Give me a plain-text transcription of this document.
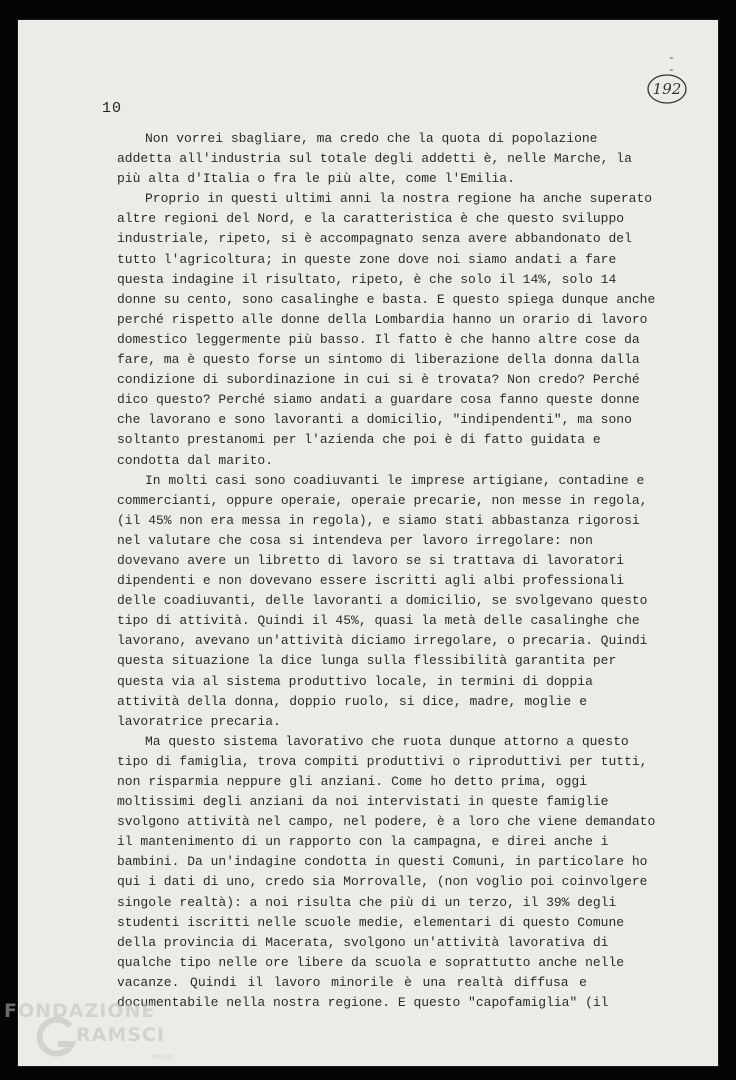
- -
192
10
Non vorrei sbagliare, ma credo che la quota di popolazione
addetta all'industria sul totale degli addetti è, nelle Marche, la
più alta d'Italia o fra le più alte, come l'Emilia.
Proprio in questi ultimi anni la nostra regione ha anche superato
altre regioni del Nord, e la caratteristica è che questo sviluppo
industriale, ripeto, si è accompagnato senza avere abbandonato del
tutto l'agricoltura; in queste zone dove noi siamo andati a fare
questa indagine il risultato, ripeto, è che solo il 14%, solo 14
donne su cento, sono casalinghe e basta. E questo spiega dunque anche
perché rispetto alle donne della Lombardia hanno un orario di lavoro
domestico leggermente più basso. Il fatto è che hanno altre cose da
fare, ma è questo forse un sintomo di liberazione della donna dalla
condizione di subordinazione in cui si è trovata? Non credo? Perché
dico questo? Perché siamo andati a guardare cosa fanno queste donne
che lavorano e sono lavoranti a domicilio, "indipendenti", ma sono
soltanto prestanomi per l'azienda che poi è di fatto guidata e
condotta dal marito.
In molti casi sono coadiuvanti le imprese artigiane, contadine e
commercianti, oppure operaie, operaie precarie, non messe in regola,
(il 45% non era messa in regola), e siamo stati abbastanza rigorosi
nel valutare che cosa si intendeva per lavoro irregolare: non
dovevano avere un libretto di lavoro se si trattava di lavoratori
dipendenti e non dovevano essere iscritti agli albi professionali
delle coadiuvanti, delle lavoranti a domicilio, se svolgevano questo
tipo di attività. Quindi il 45%, quasi la metà delle casalinghe che
lavorano, avevano un'attività diciamo irregolare, o precaria. Quindi
questa situazione la dice lunga sulla flessibilità garantita per
questa via al sistema produttivo locale, in termini di doppia
attività della donna, doppio ruolo, si dice, madre, moglie e
lavoratrice precaria.
Ma questo sistema lavorativo che ruota dunque attorno a questo
tipo di famiglia, trova compiti produttivi o riproduttivi per tutti,
non risparmia neppure gli anziani. Come ho detto prima, oggi
moltissimi degli anziani da noi intervistati in queste famiglie
svolgono attività nel campo, nel podere, è a loro che viene demandato
il mantenimento di un rapporto con la campagna, e direi anche i
bambini. Da un'indagine condotta in questi Comuni, in particolare ho
qui i dati di uno, credo sia Morrovalle, (non voglio poi coinvolgere
singole realtà): a noi risulta che più di un terzo, il 39% degli
studenti iscritti nelle scuole medie, elementari di questo Comune
della provincia di Macerata, svolgono un'attività lavorativa di
qualche tipo nelle ore libere da scuola e soprattutto anche nelle
vacanze. Quindi il lavoro minorile è una realtà diffusa e
documentabile nella nostra regione. E questo "capofamiglia" (il
FONDAZIONE
RAMSCI
onlus
